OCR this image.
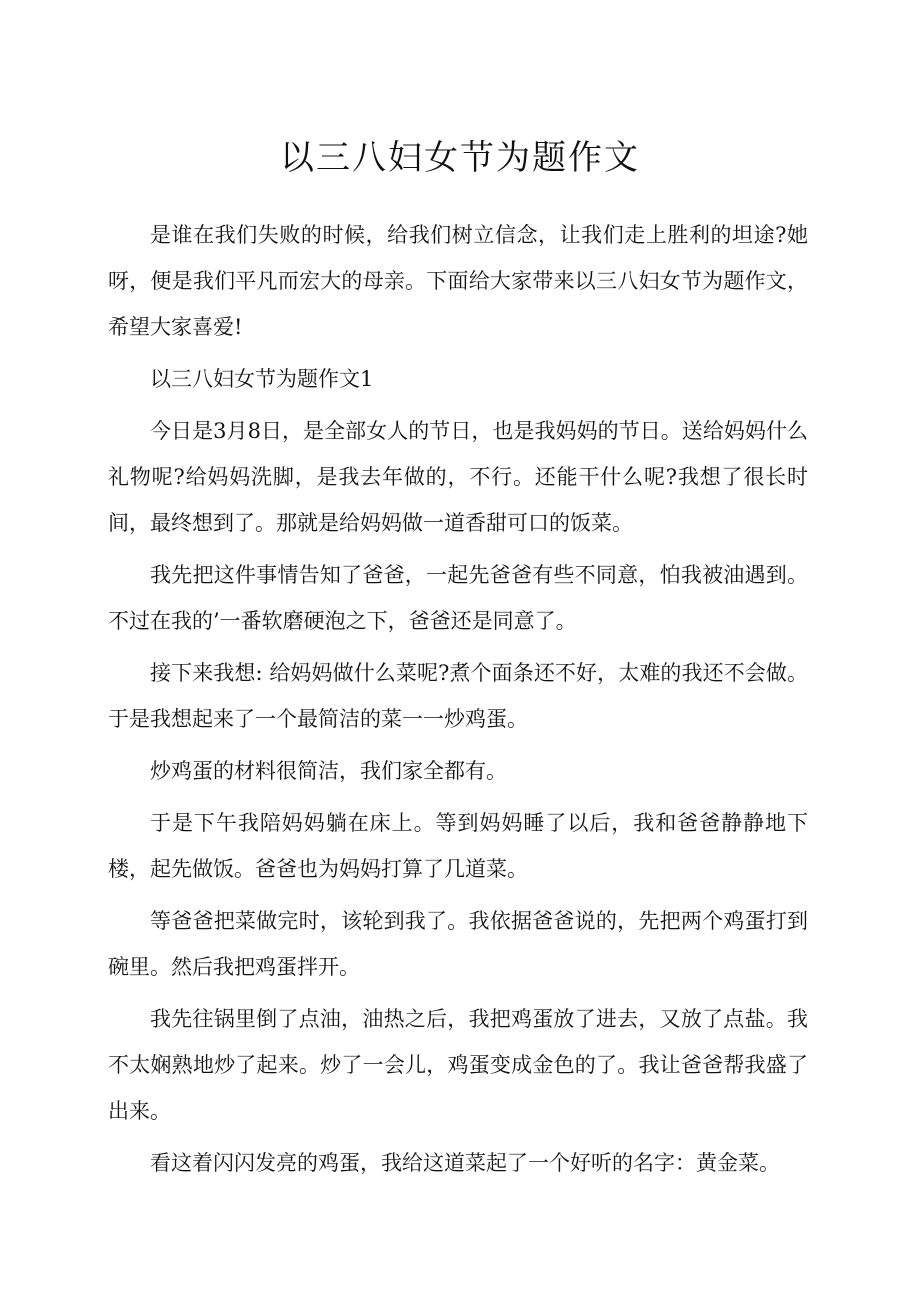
以三八妇女节为题作文

是谁在我们失败的时候，给我们树立信念，让我们走上胜利的坦途?她呀，便是我们平凡而宏大的母亲。下面给大家带来以三八妇女节为题作文，希望大家喜爱!

以三八妇女节为题作文1

今日是3月8日，是全部女人的节日，也是我妈妈的节日。送给妈妈什么礼物呢?给妈妈洗脚，是我去年做的，不行。还能干什么呢?我想了很长时间，最终想到了。那就是给妈妈做一道香甜可口的饭菜。

我先把这件事情告知了爸爸，一起先爸爸有些不同意，怕我被油遇到。不过在我的’一番软磨硬泡之下，爸爸还是同意了。

接下来我想: 给妈妈做什么菜呢?煮个面条还不好，太难的我还不会做。于是我想起来了一个最简洁的菜一一炒鸡蛋。

炒鸡蛋的材料很简洁，我们家全都有。

于是下午我陪妈妈躺在床上。等到妈妈睡了以后，我和爸爸静静地下楼，起先做饭。爸爸也为妈妈打算了几道菜。

等爸爸把菜做完时，该轮到我了。我依据爸爸说的，先把两个鸡蛋打到碗里。然后我把鸡蛋拌开。

我先往锅里倒了点油，油热之后，我把鸡蛋放了进去，又放了点盐。我不太娴熟地炒了起来。炒了一会儿，鸡蛋变成金色的了。我让爸爸帮我盛了出来。

看这着闪闪发亮的鸡蛋，我给这道菜起了一个好听的名字：黄金菜。
